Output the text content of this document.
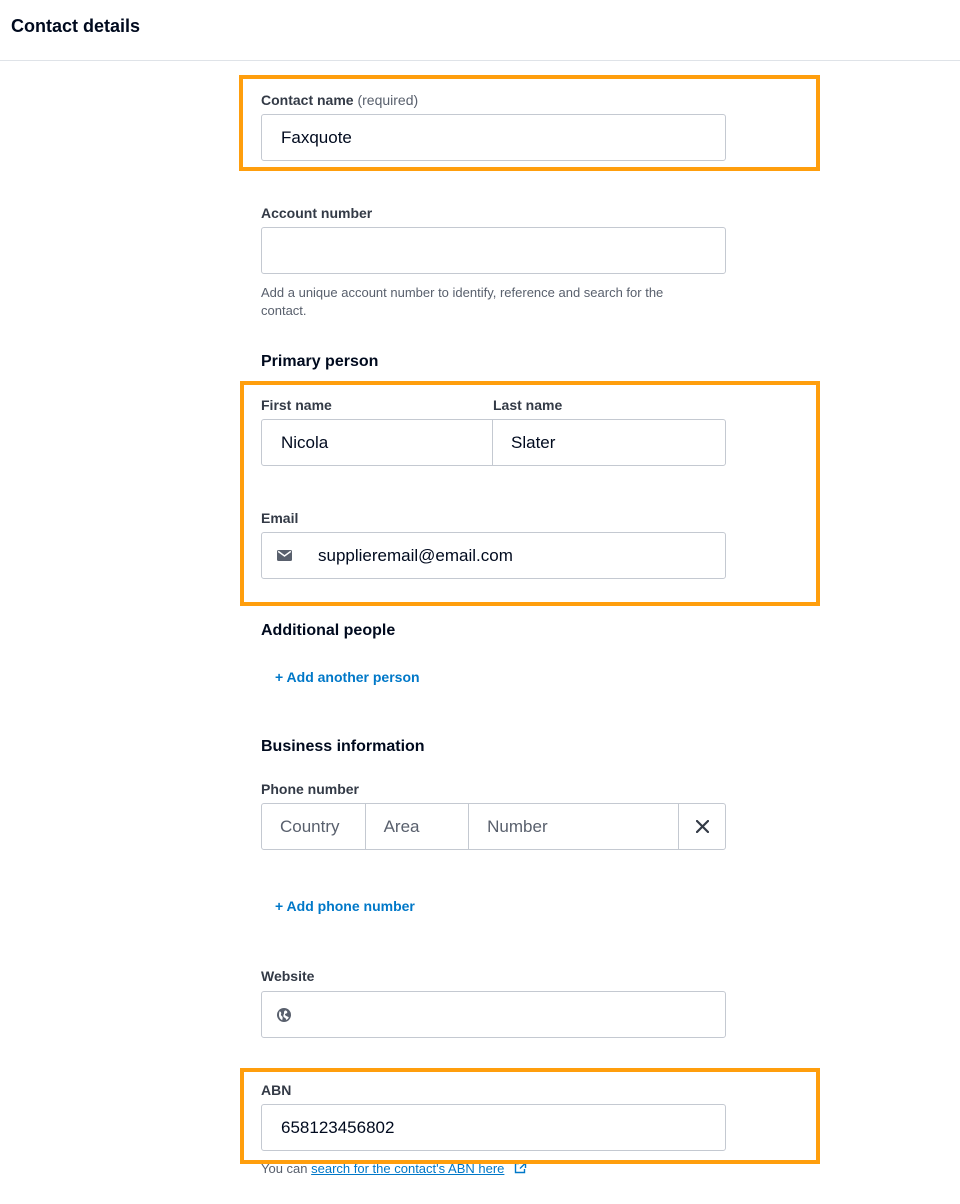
Contact details
Contact name (required)
Faxquote
Account number
Add a unique account number to identify, reference and search for the contact.
Primary person
First name	Last name
Nicola	Slater
Email
supplieremail@email.com
Additional people
+ Add another person
Business information
Phone number
Country	Area	Number
+ Add phone number
Website
ABN
658123456802
You can search for the contact's ABN here
